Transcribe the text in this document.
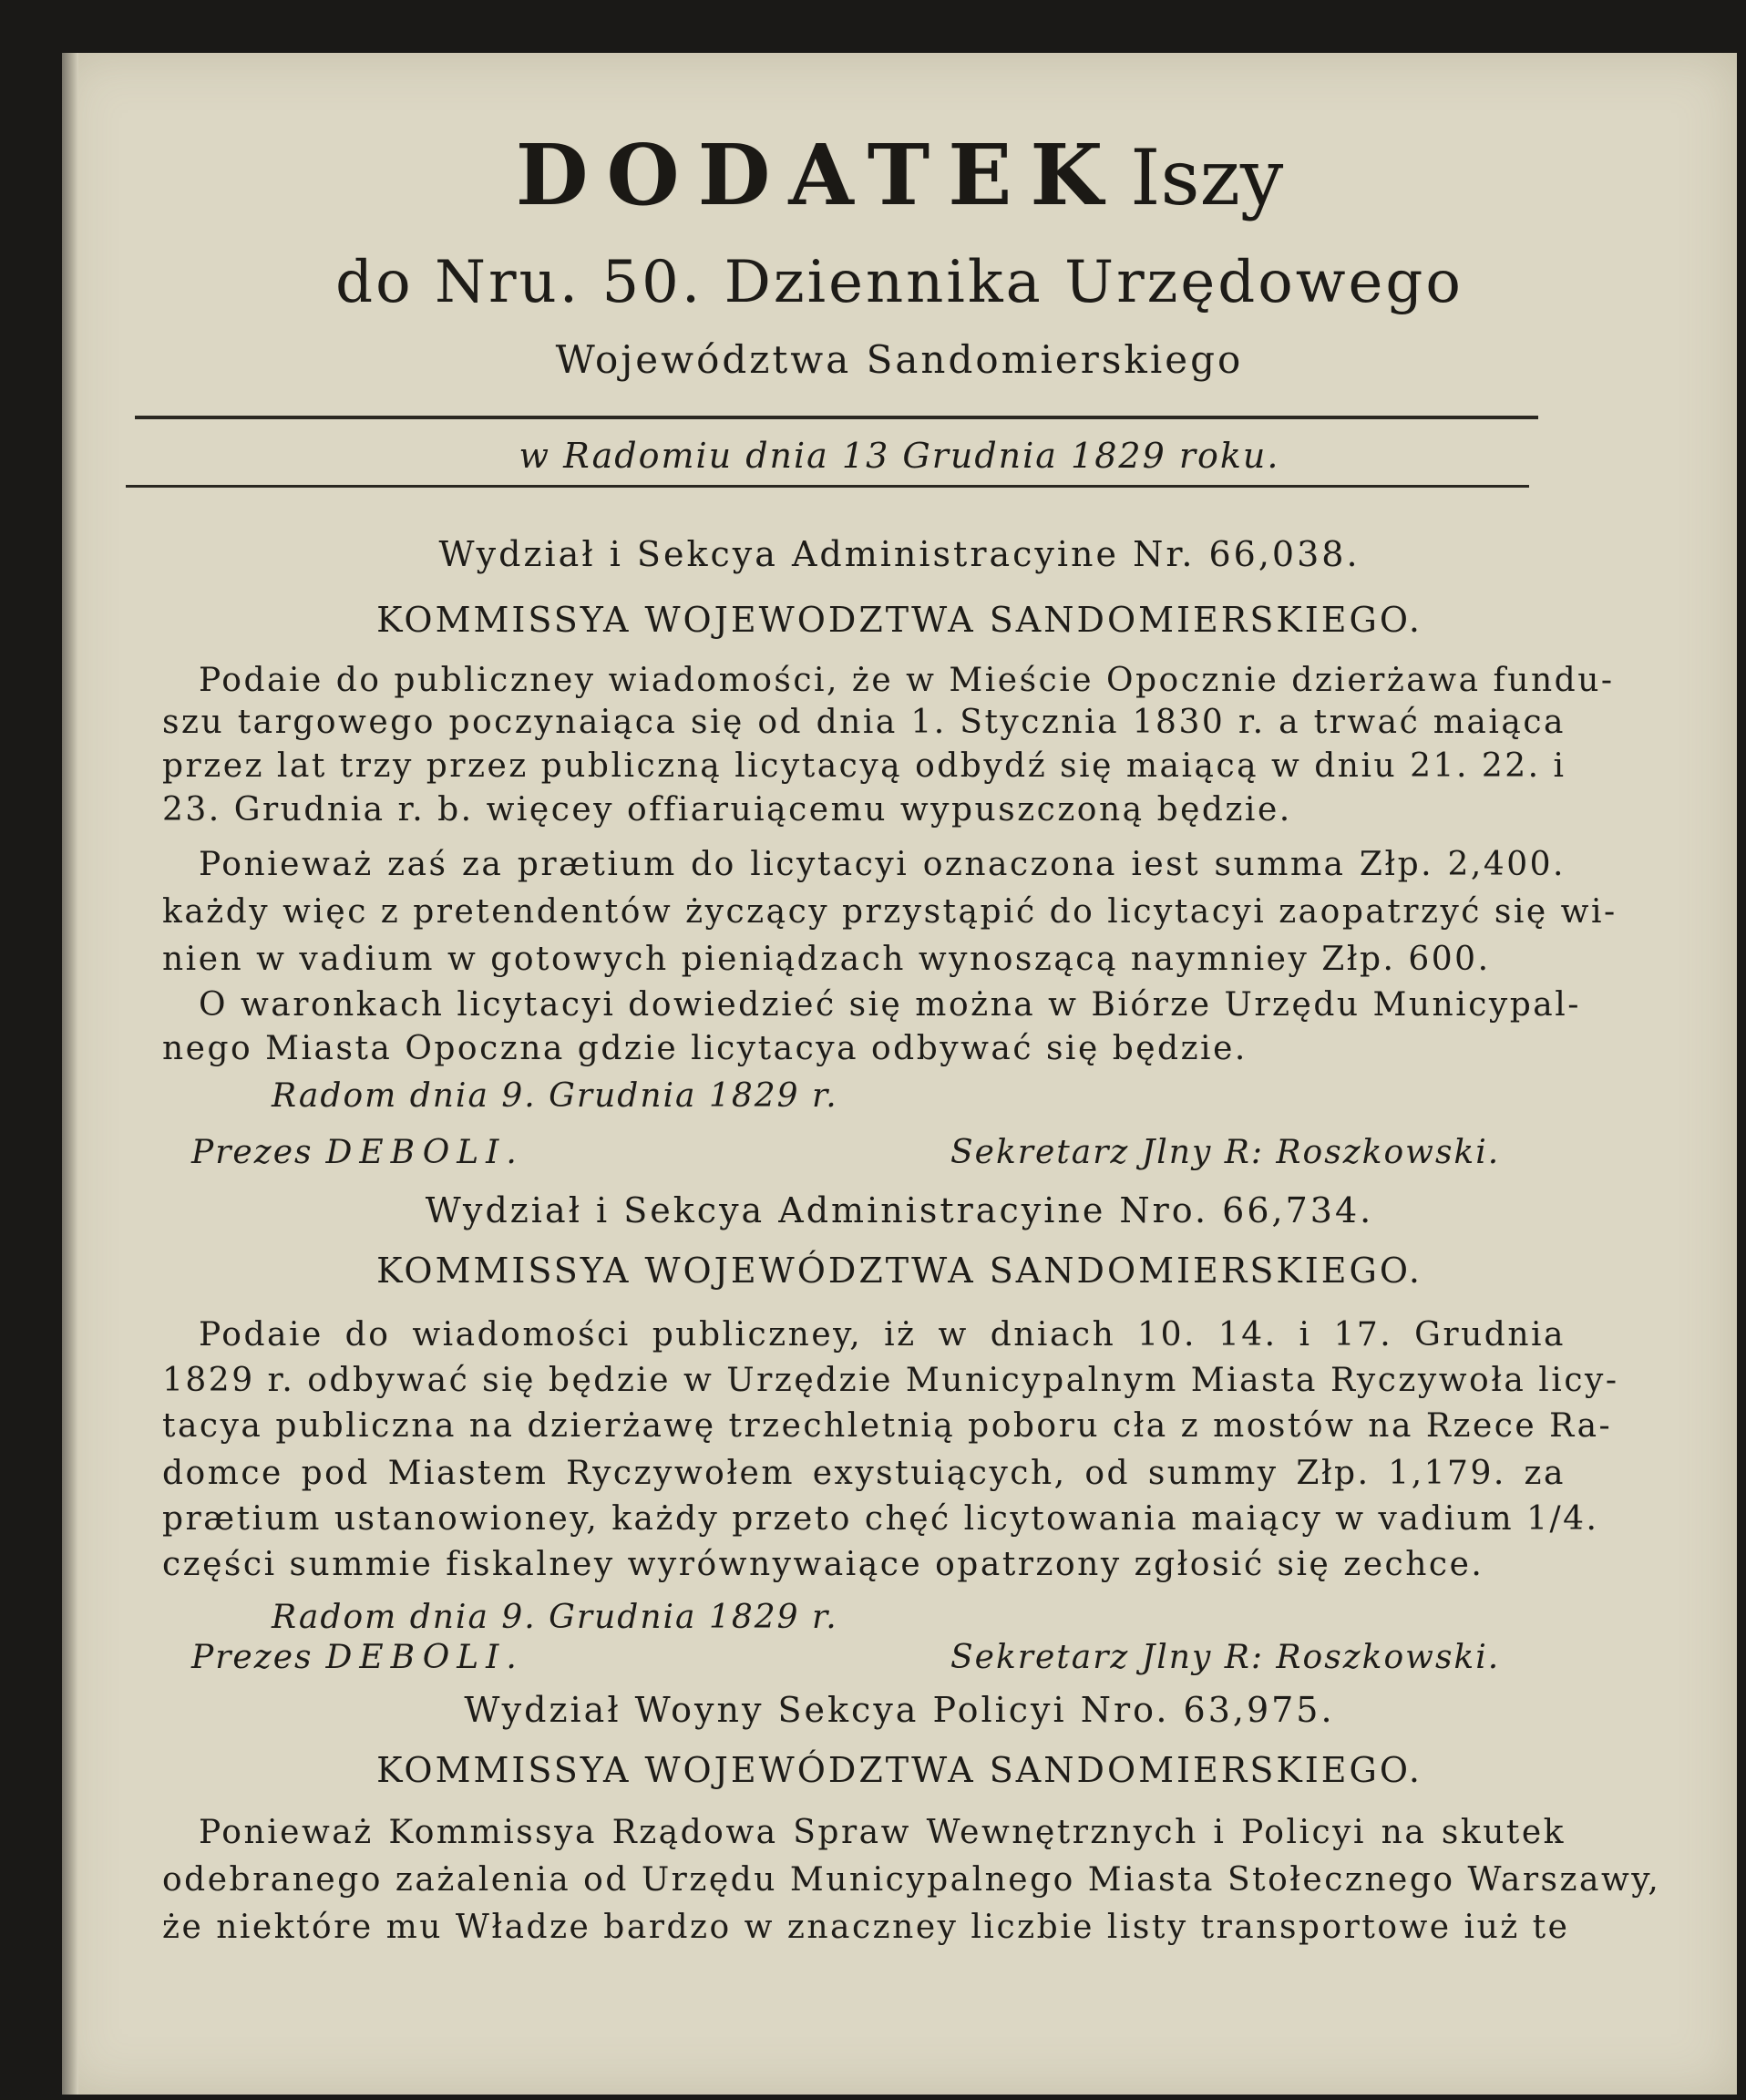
DODATEK Iszy
do Nru. 50. Dziennika Urzędowego
Województwa Sandomierskiego
w Radomiu dnia 13 Grudnia 1829 roku.
Wydział i Sekcya Administracyine Nr. 66,038.
KOMMISSYA WOJEWODZTWA SANDOMIERSKIEGO.
Podaie do publiczney wiadomości, że w Mieście Opocznie dzierżawa fundu-
szu targowego poczynaiąca się od dnia 1. Stycznia 1830 r. a trwać maiąca
przez lat trzy przez publiczną licytacyą odbydź się maiącą w dniu 21. 22. i
23. Grudnia r. b. więcey offiaruiącemu wypuszczoną będzie.
Ponieważ zaś za prætium do licytacyi oznaczona iest summa Złp. 2,400.
każdy więc z pretendentów życzący przystąpić do licytacyi zaopatrzyć się wi-
nien w vadium w gotowych pieniądzach wynoszącą naymniey Złp. 600.
O waronkach licytacyi dowiedzieć się można w Biórze Urzędu Municypal-
nego Miasta Opoczna gdzie licytacya odbywać się będzie.
Radom dnia 9. Grudnia 1829 r.
Prezes DEBOLI.	Sekretarz Jlny R: Roszkowski.
Wydział i Sekcya Administracyine Nro. 66,734.
KOMMISSYA WOJEWÓDZTWA SANDOMIERSKIEGO.
Podaie do wiadomości publiczney, iż w dniach 10. 14. i 17. Grudnia
1829 r. odbywać się będzie w Urzędzie Municypalnym Miasta Ryczywoła licy-
tacya publiczna na dzierżawę trzechletnią poboru cła z mostów na Rzece Ra-
domce pod Miastem Ryczywołem exystuiących, od summy Złp. 1,179. za
prætium ustanowioney, każdy przeto chęć licytowania maiący w vadium 1/4.
części summie fiskalney wyrównywaiące opatrzony zgłosić się zechce.
Radom dnia 9. Grudnia 1829 r.
Prezes DEBOLI.	Sekretarz Jlny R: Roszkowski.
Wydział Woyny Sekcya Policyi Nro. 63,975.
KOMMISSYA WOJEWÓDZTWA SANDOMIERSKIEGO.
Ponieważ Kommissya Rządowa Spraw Wewnętrznych i Policyi na skutek
odebranego zażalenia od Urzędu Municypalnego Miasta Stołecznego Warszawy,
że niektóre mu Władze bardzo w znaczney liczbie listy transportowe iuż te
